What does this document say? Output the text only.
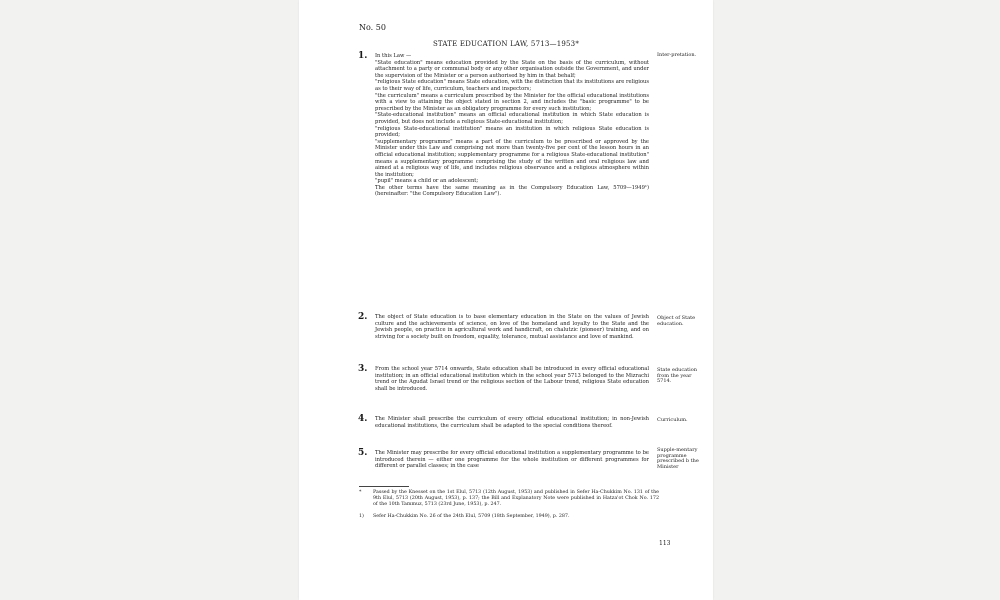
No. 50
STATE EDUCATION LAW, 5713—1953*
1. In this Law —

"State education" means education provided by the State on the basis of the curriculum, without attachment to a party or communal body or any other organisation outside the Government, and under the supervision of the Minister or a person authorised by him in that behalf;

"religious State education" means State education, with the distinction that its institutions are religious as to their way of life, curriculum, teachers and inspectors;

"the curriculum" means a curriculum prescribed by the Minister for the official educational institutions with a view to attaining the object stated in section 2, and includes the "basic programme" to be prescribed by the Minister as an obligatory programme for every such institution;

"State-educational institution" means an official educational institution in which State education is provided, but does not include a religious State-educational institution;

"religious State-educational institution" means an institution in which religious State education is provided;

"supplementary programme" means a part of the curriculum to be prescribed or approved by the Minister under this Law and comprising not more than twenty-five per cent of the lesson hours in an official educational institution; supplementary programme for a religious State-educational institution" means a supplementary programme comprising the study of the written and oral religious law and aimed at a religious way of life, and includes religious observance and a religious atmosphere within the institution;

"pupil" means a child or an adolescent;

The other terms have the same meaning as in the Compulsory Education Law, 5709—1949¹) (hereinafter: "the Compulsory Education Law").

Inter-pretation.
2. The object of State education is to base elementary education in the State on the values of Jewish culture and the achievements of science, on love of the homeland and loyalty to the State and the Jewish people, on practice in agricultural work and handicraft, on chalutzic (pioneer) training, and on striving for a society built on freedom, equality, tolerance, mutual assistance and love of mankind.

Object of State education.
3. From the school year 5714 onwards, State education shall be introduced in every official educational institution; in an official educational institution which in the school year 5713 belonged to the Mizrachi trend or the Agudat Israel trend or the religious section of the Labour trend, religious State education shall be introduced.

State education from the year 5714.
4. The Minister shall prescribe the curriculum of every official educational institution; in non-Jewish educational institutions, the curriculum shall be adapted to the special conditions thereof.

Curriculum.
5. The Minister may prescribe for every official educational institution a supplementary programme to be introduced therein — either one programme for the whole institution or different programmes for different or parallel classes; in the case

Supple-mentary programme prescribed b the Minister
* Passed by the Knesset on the 1st Elul, 5713 (12th August, 1953) and published in Sefer Ha-Chukkim No. 131 of the 9th Elul, 5713 (20th August, 1953), p. 137; the Bill and Explanatory Note were published in Hatza'ot Chok No. 172 of the 10th Tammuz, 5713 (23rd June, 1953), p. 247.
1) Sefer Ha-Chukkim No. 26 of the 24th Elul, 5709 (18th September, 1949), p. 287.
113
